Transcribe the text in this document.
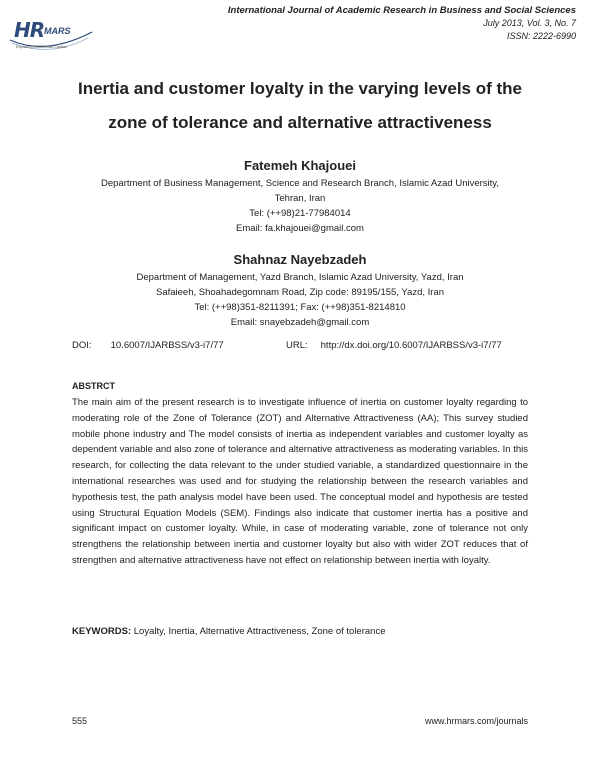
HR MARS
Exploring Intellectual Capital
International Journal of Academic Research in Business and Social Sciences
July 2013, Vol. 3, No. 7
ISSN: 2222-6990
Inertia and customer loyalty in the varying levels of the
zone of tolerance and alternative attractiveness
Fatemeh Khajouei
Department of Business Management, Science and Research Branch, Islamic Azad University,
Tehran, Iran
Tel: (++98)21-77984014
Email: fa.khajouei@gmail.com
Shahnaz Nayebzadeh
Department of Management, Yazd Branch, Islamic Azad University, Yazd, Iran
Safaieeh, Shoahadegomnam Road, Zip code: 89195/155, Yazd, Iran
Tel: (++98)351-8211391; Fax: (++98)351-8214810
Email: snayebzadeh@gmail.com
DOI: 10.6007/IJARBSS/v3-i7/77	URL: http://dx.doi.org/10.6007/IJARBSS/v3-i7/77
ABSTRCT
The main aim of the present research is to investigate influence of inertia on customer loyalty regarding to moderating role of the Zone of Tolerance (ZOT) and Alternative Attractiveness (AA); This survey studied mobile phone industry and The model consists of inertia as independent variables and customer loyalty as dependent variable and also zone of tolerance and alternative attractiveness as moderating variables. In this research, for collecting the data relevant to the under studied variable, a standardized questionnaire in the international researches was used and for studying the relationship between the research variables and hypothesis test, the path analysis model have been used. The conceptual model and hypothesis are tested using Structural Equation Models (SEM). Findings also indicate that customer inertia has a positive and significant impact on customer loyalty. While, in case of moderating variable, zone of tolerance not only strengthens the relationship between inertia and customer loyalty but also with wider ZOT reduces that of strengthen and alternative attractiveness have not effect on relationship between inertia with loyalty.
KEYWORDS: Loyalty, Inertia, Alternative Attractiveness, Zone of tolerance
555	www.hrmars.com/journals
